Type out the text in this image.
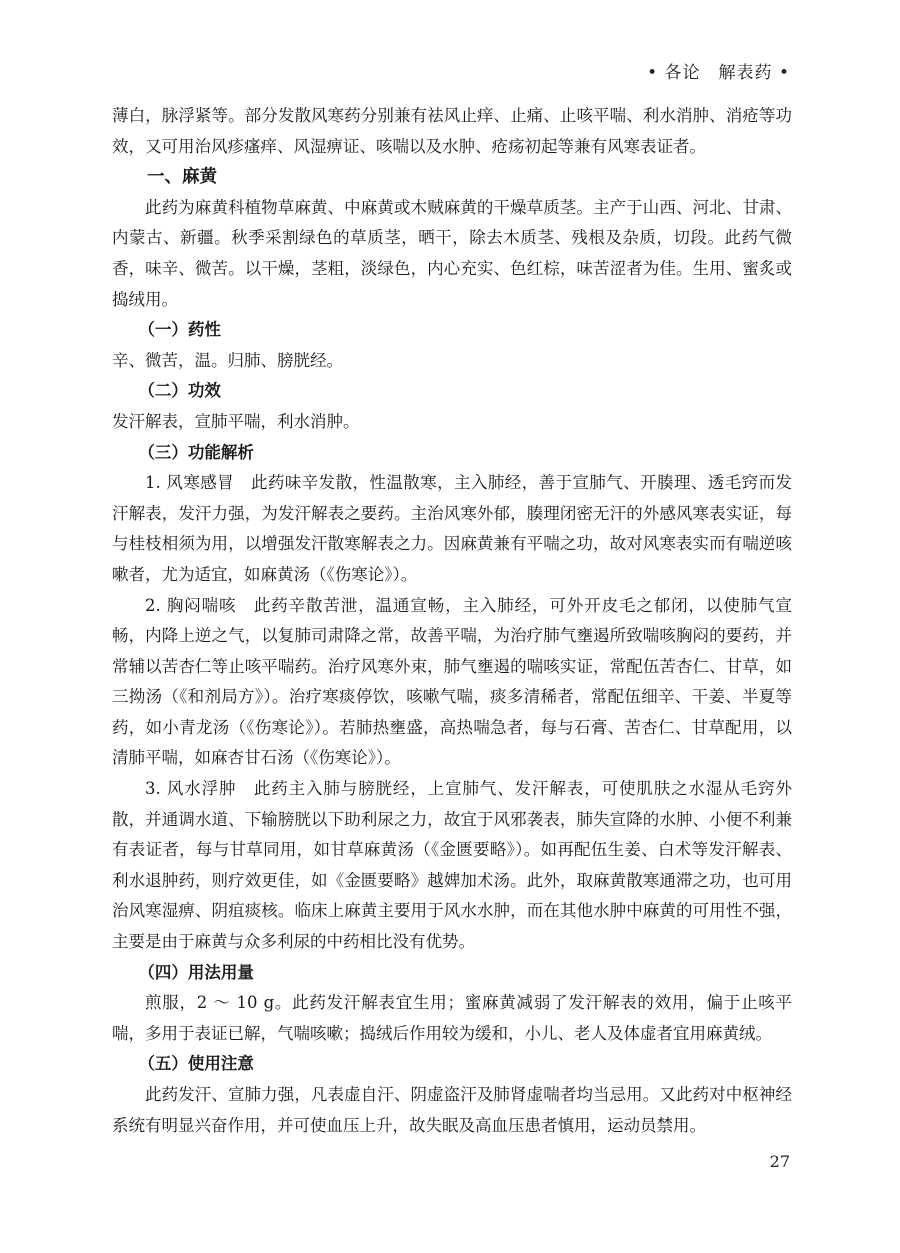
• 各论　解表药 •

薄白，脉浮紧等。部分发散风寒药分别兼有祛风止痒、止痛、止咳平喘、利水消肿、消疮等功效，又可用治风疹瘙痒、风湿痹证、咳喘以及水肿、疮疡初起等兼有风寒表证者。

一、麻黄

此药为麻黄科植物草麻黄、中麻黄或木贼麻黄的干燥草质茎。主产于山西、河北、甘肃、内蒙古、新疆。秋季采割绿色的草质茎，晒干，除去木质茎、残根及杂质，切段。此药气微香，味辛、微苦。以干燥，茎粗，淡绿色，内心充实、色红棕，味苦涩者为佳。生用、蜜炙或捣绒用。

（一）药性

辛、微苦，温。归肺、膀胱经。

（二）功效

发汗解表，宣肺平喘，利水消肿。

（三）功能解析

1. 风寒感冒　此药味辛发散，性温散寒，主入肺经，善于宣肺气、开腠理、透毛窍而发汗解表，发汗力强，为发汗解表之要药。主治风寒外郁，腠理闭密无汗的外感风寒表实证，每与桂枝相须为用，以增强发汗散寒解表之力。因麻黄兼有平喘之功，故对风寒表实而有喘逆咳嗽者，尤为适宜，如麻黄汤（《伤寒论》）。

2. 胸闷喘咳　此药辛散苦泄，温通宣畅，主入肺经，可外开皮毛之郁闭，以使肺气宣畅，内降上逆之气，以复肺司肃降之常，故善平喘，为治疗肺气壅遏所致喘咳胸闷的要药，并常辅以苦杏仁等止咳平喘药。治疗风寒外束，肺气壅遏的喘咳实证，常配伍苦杏仁、甘草，如三拗汤（《和剂局方》）。治疗寒痰停饮，咳嗽气喘，痰多清稀者，常配伍细辛、干姜、半夏等药，如小青龙汤（《伤寒论》）。若肺热壅盛，高热喘急者，每与石膏、苦杏仁、甘草配用，以清肺平喘，如麻杏甘石汤（《伤寒论》）。

3. 风水浮肿　此药主入肺与膀胱经，上宣肺气、发汗解表，可使肌肤之水湿从毛窍外散，并通调水道、下输膀胱以下助利尿之力，故宜于风邪袭表，肺失宣降的水肿、小便不利兼有表证者，每与甘草同用，如甘草麻黄汤（《金匮要略》）。如再配伍生姜、白术等发汗解表、利水退肿药，则疗效更佳，如《金匮要略》越婢加术汤。此外，取麻黄散寒通滞之功，也可用治风寒湿痹、阴疽痰核。临床上麻黄主要用于风水水肿，而在其他水肿中麻黄的可用性不强，主要是由于麻黄与众多利尿的中药相比没有优势。

（四）用法用量

煎服，2 ～ 10 g。此药发汗解表宜生用；蜜麻黄减弱了发汗解表的效用，偏于止咳平喘，多用于表证已解，气喘咳嗽；捣绒后作用较为缓和，小儿、老人及体虚者宜用麻黄绒。

（五）使用注意

此药发汗、宣肺力强，凡表虚自汗、阴虚盗汗及肺肾虚喘者均当忌用。又此药对中枢神经系统有明显兴奋作用，并可使血压上升，故失眠及高血压患者慎用，运动员禁用。

27
